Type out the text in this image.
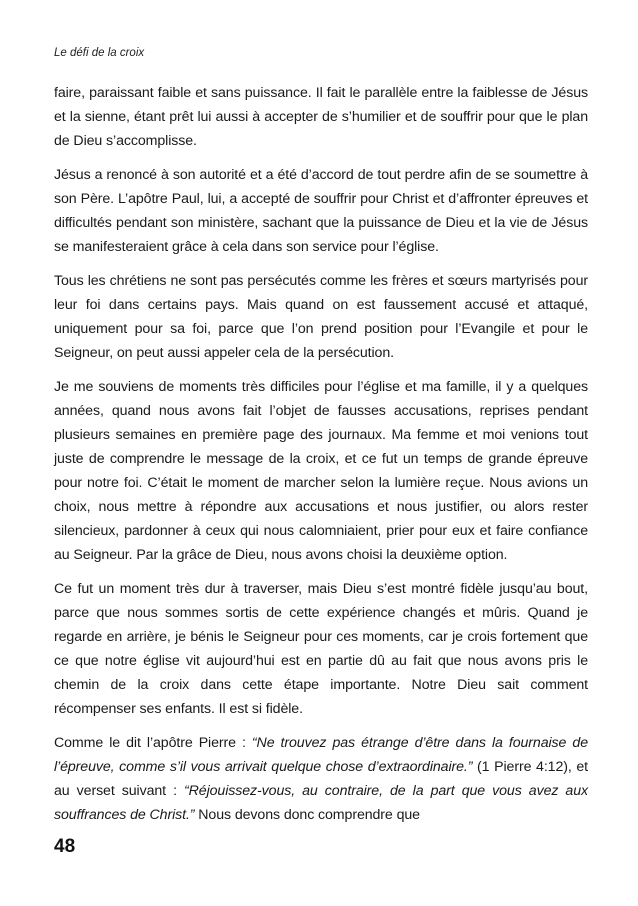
Le défi de la croix

faire, paraissant faible et sans puissance. Il fait le parallèle entre la faiblesse de Jésus et la sienne, étant prêt lui aussi à accepter de s’humilier et de souffrir pour que le plan de Dieu s’accomplisse.

Jésus a renoncé à son autorité et a été d’accord de tout perdre afin de se soumettre à son Père. L’apôtre Paul, lui, a accepté de souffrir pour Christ et d’affronter épreuves et difficultés pendant son ministère, sachant que la puissance de Dieu et la vie de Jésus se manifesteraient grâce à cela dans son service pour l’église.

Tous les chrétiens ne sont pas persécutés comme les frères et sœurs martyrisés pour leur foi dans certains pays. Mais quand on est faussement accusé et attaqué, uniquement pour sa foi, parce que l’on prend position pour l’Evangile et pour le Seigneur, on peut aussi appeler cela de la persécution.

Je me souviens de moments très difficiles pour l’église et ma famille, il y a quelques années, quand nous avons fait l’objet de fausses accusations, reprises pendant plusieurs semaines en première page des journaux. Ma femme et moi venions tout juste de comprendre le message de la croix, et ce fut un temps de grande épreuve pour notre foi. C’était le moment de marcher selon la lumière reçue. Nous avions un choix, nous mettre à répondre aux accusations et nous justifier, ou alors rester silencieux, pardonner à ceux qui nous calomniaient, prier pour eux et faire confiance au Seigneur. Par la grâce de Dieu, nous avons choisi la deuxième option.

Ce fut un moment très dur à traverser, mais Dieu s’est montré fidèle jusqu’au bout, parce que nous sommes sortis de cette expérience changés et mûris. Quand je regarde en arrière, je bénis le Seigneur pour ces moments, car je crois fortement que ce que notre église vit aujourd’hui est en partie dû au fait que nous avons pris le chemin de la croix dans cette étape importante. Notre Dieu sait comment récompenser ses enfants. Il est si fidèle.

Comme le dit l’apôtre Pierre : “Ne trouvez pas étrange d’être dans la fournaise de l’épreuve, comme s’il vous arrivait quelque chose d’extraordinaire.” (1 Pierre 4:12), et au verset suivant : “Réjouissez-vous, au contraire, de la part que vous avez aux souffrances de Christ.” Nous devons donc comprendre que

48
